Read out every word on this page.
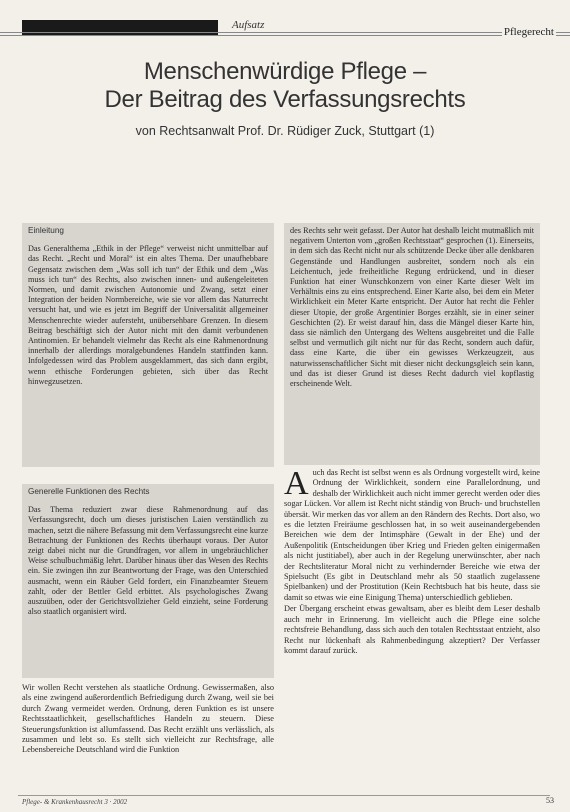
Aufsatz
Pflegerecht
Menschenwürdige Pflege –
Der Beitrag des Verfassungsrechts
von Rechtsanwalt Prof. Dr. Rüdiger Zuck, Stuttgart (1)
Einleitung
Das Generalthema „Ethik in der Pflege“ verweist nicht unmittelbar auf das Recht. „Recht und Moral“ ist ein altes Thema. Der unaufhebbare Gegensatz zwischen dem „Was soll ich tun“ der Ethik und dem „Was muss ich tun“ des Rechts, also zwischen innen- und außengeleiteten Normen, und damit zwischen Autonomie und Zwang, setzt einer Integration der beiden Normbereiche, wie sie vor allem das Naturrecht versucht hat, und wie es jetzt im Begriff der Universalität allgemeiner Menschenrechte wieder aufersteht, unübersehbare Grenzen. In diesem Beitrag beschäftigt sich der Autor nicht mit den damit verbundenen Antinomien. Er behandelt vielmehr das Recht als eine Rahmenordnung innerhalb der allerdings moralgebundenes Handeln stattfinden kann. Infolgedessen wird das Problem ausgeklammert, das sich dann ergibt, wenn ethische Forderungen gebieten, sich über das Recht hinwegzusetzen.
Generelle Funktionen des Rechts
Das Thema reduziert zwar diese Rahmenordnung auf das Verfassungsrecht, doch um dieses juristischen Laien verständlich zu machen, setzt die nähere Befassung mit dem Verfassungsrecht eine kurze Betrachtung der Funktionen des Rechts überhaupt voraus. Der Autor zeigt dabei nicht nur die Grundfragen, vor allem in ungebräuchlicher Weise schulbuchmäßig lehrt. Darüber hinaus über das Wesen des Rechts ein. Sie zwingen ihn zur Beantwortung der Frage, was den Unterschied ausmacht, wenn ein Räuber Geld fordert, ein Finanzbeamter Steuern zahlt, oder der Bettler Geld erbittet. Als psychologisches Zwang auszuüben, oder der Gerichtsvollzieher Geld einzieht, seine Forderung also staatlich organisiert wird.
Wir wollen Recht verstehen als staatliche Ordnung. Gewissermaßen, also als eine zwingend außerordentlich Befriedigung durch Zwang, weil sie bei durch Zwang vermeidet werden. Ordnung, deren Funktion es ist unsere Rechtsstaatlichkeit, gesellschaftliches Handeln zu steuern. Diese Steuerungsfunktion ist allumfassend. Das Recht erzählt uns verlässlich, als zusammen und lebt so. Es stellt sich vielleicht zur Rechtsfrage, alle Lebensbereiche Deutschland wird die Funktion
des Rechts sehr weit gefasst. Der Autor hat deshalb leicht mutmaßlich mit negativem Unterton vom „großen Rechtsstaat“ gesprochen (1). Einerseits, in dem sich das Recht nicht nur als schützende Decke über alle denkbaren Gegenstände und Handlungen ausbreitet, sondern noch als ein Leichentuch, jede freiheitliche Regung erdrückend, und in dieser Funktion hat einer Wunschkonzern von einer Karte dieser Welt im Verhältnis eins zu eins entsprechend. Einer Karte also, bei dem ein Meter Wirklichkeit ein Meter Karte entspricht. Der Autor hat recht die Fehler dieser Utopie, der große Argentinier Borges erzählt, sie in einer seiner Geschichten (2). Er weist darauf hin, dass die Mängel dieser Karte hin, dass sie nämlich den Untergang des Weltens ausgebreitet und die Falle selbst und vermutlich gilt nicht nur für das Recht, sondern auch dafür, dass eine Karte, die über ein gewisses Werkzeugzeit, aus naturwissenschaftlicher Sicht mit dieser nicht deckungsgleich sein kann, und das ist dieser Grund ist dieses Recht dadurch viel kopflastig erscheinende Welt.

A uch das Recht ist selbst wenn es als Ordnung vorgestellt wird, keine Ordnung der Wirklichkeit, sondern eine Parallelordnung, und deshalb der Wirklichkeit auch nicht immer gerecht werden oder dies sogar Lücken. Vor allem ist Recht nicht ständig von Bruch- und bruchstellen übersät. Wir merken das vor allem an den Rändern des Rechts. Dort also, wo es die letzten Freiräume geschlossen hat, in so weit auseinandergebenden Bereichen wie dem der Intimsphäre (Gewalt in der Ehe) und der Außenpolitik (Entscheidungen über Krieg und Frieden gelten einigermaßen als nicht justitiabel), aber auch in der Regelung unerwünschter, aber nach der Rechtsliteratur Moral nicht zu verhindernder Bereiche wie etwa der Spielsucht (Es gibt in Deutschland mehr als 50 staatlich zugelassene Spielbanken) und der Prostitution (Kein Rechtsbuch hat bis heute, dass sie damit so etwas wie eine Einigung Thema) unterschiedlich geblieben.

Der Übergang erscheint etwas gewaltsam, aber es bleibt dem Leser deshalb auch mehr in Erinnerung. Im vielleicht auch die Pflege eine solche rechtsfreie Behandlung, dass sich auch den totalen Rechtsstaat entzieht, also Recht nur lückenhaft als Rahmenbedingung akzeptiert? Der Verfasser kommt darauf zurück.

Pflege- & Krankenhausrecht 3 · 2002	53
